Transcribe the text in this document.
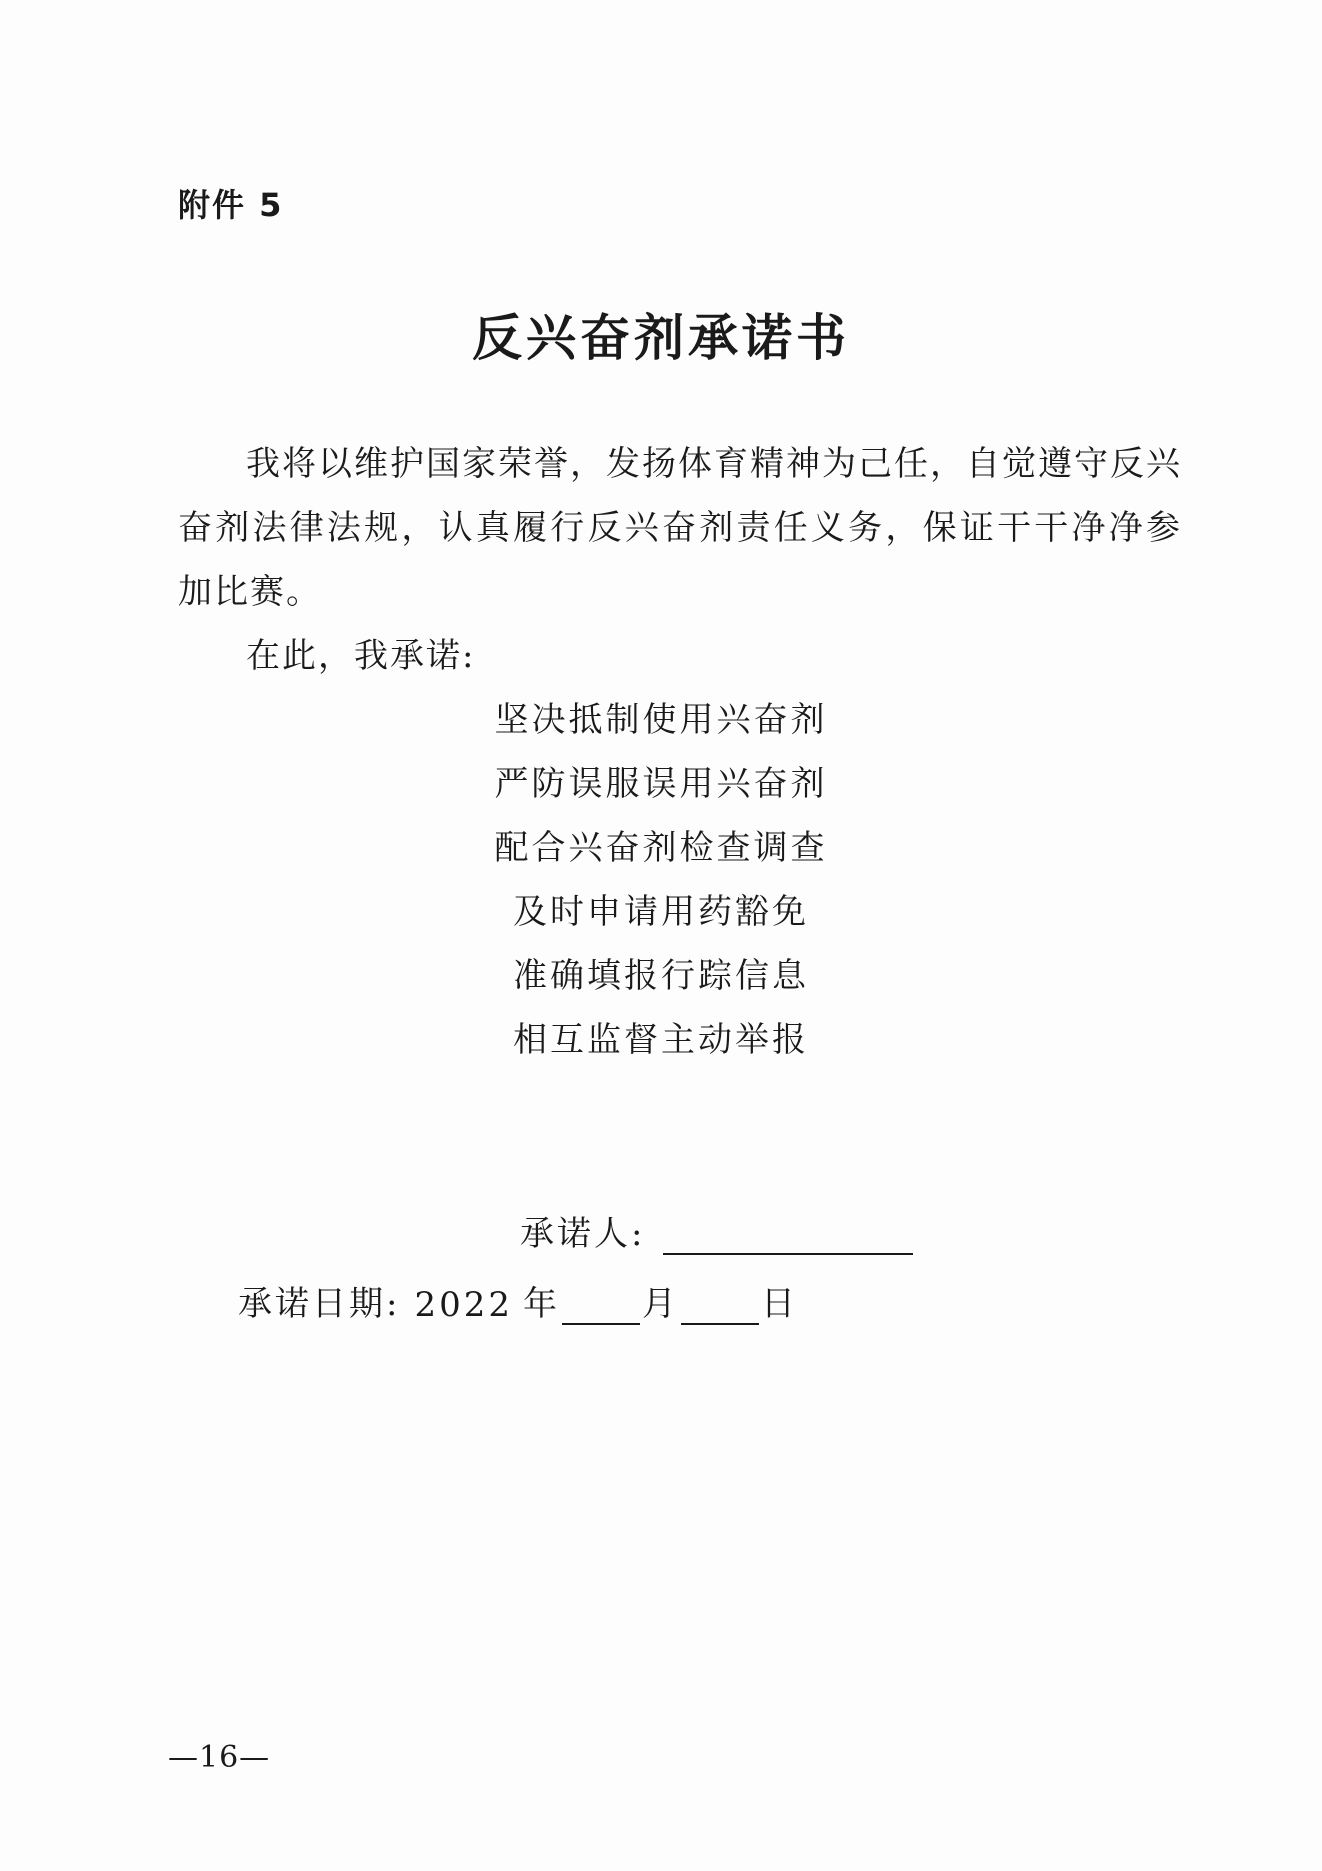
附件 5
反兴奋剂承诺书

我将以维护国家荣誉，发扬体育精神为己任，自觉遵守反兴奋剂法律法规，认真履行反兴奋剂责任义务，保证干干净净参加比赛。

在此，我承诺:

坚决抵制使用兴奋剂
严防误服误用兴奋剂
配合兴奋剂检查调查
及时申请用药豁免
准确填报行踪信息
相互监督主动举报
承诺人:
承诺日期: 2022 年 月 日
—16—
